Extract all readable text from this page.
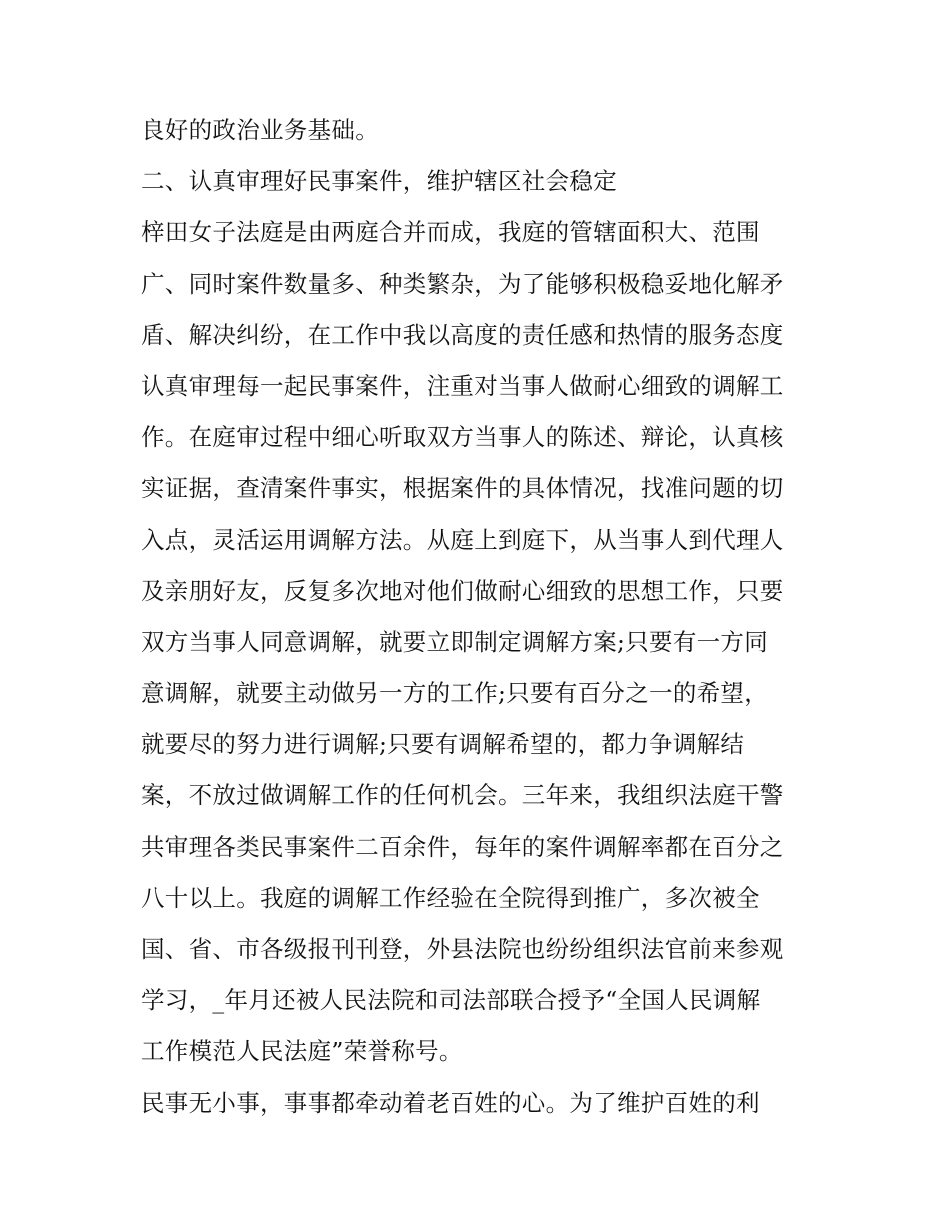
良好的政治业务基础。
二、认真审理好民事案件，维护辖区社会稳定
梓田女子法庭是由两庭合并而成，我庭的管辖面积大、范围
广、同时案件数量多、种类繁杂，为了能够积极稳妥地化解矛
盾、解决纠纷，在工作中我以高度的责任感和热情的服务态度
认真审理每一起民事案件，注重对当事人做耐心细致的调解工
作。在庭审过程中细心听取双方当事人的陈述、辩论，认真核
实证据，查清案件事实，根据案件的具体情况，找准问题的切
入点，灵活运用调解方法。从庭上到庭下，从当事人到代理人
及亲朋好友，反复多次地对他们做耐心细致的思想工作，只要
双方当事人同意调解，就要立即制定调解方案;只要有一方同
意调解，就要主动做另一方的工作;只要有百分之一的希望，
就要尽的努力进行调解;只要有调解希望的，都力争调解结
案，不放过做调解工作的任何机会。三年来，我组织法庭干警
共审理各类民事案件二百余件，每年的案件调解率都在百分之
八十以上。我庭的调解工作经验在全院得到推广，多次被全
国、省、市各级报刊刊登，外县法院也纷纷组织法官前来参观
学习，_年月还被人民法院和司法部联合授予“全国人民调解
工作模范人民法庭”荣誉称号。
民事无小事，事事都牵动着老百姓的心。为了维护百姓的利
